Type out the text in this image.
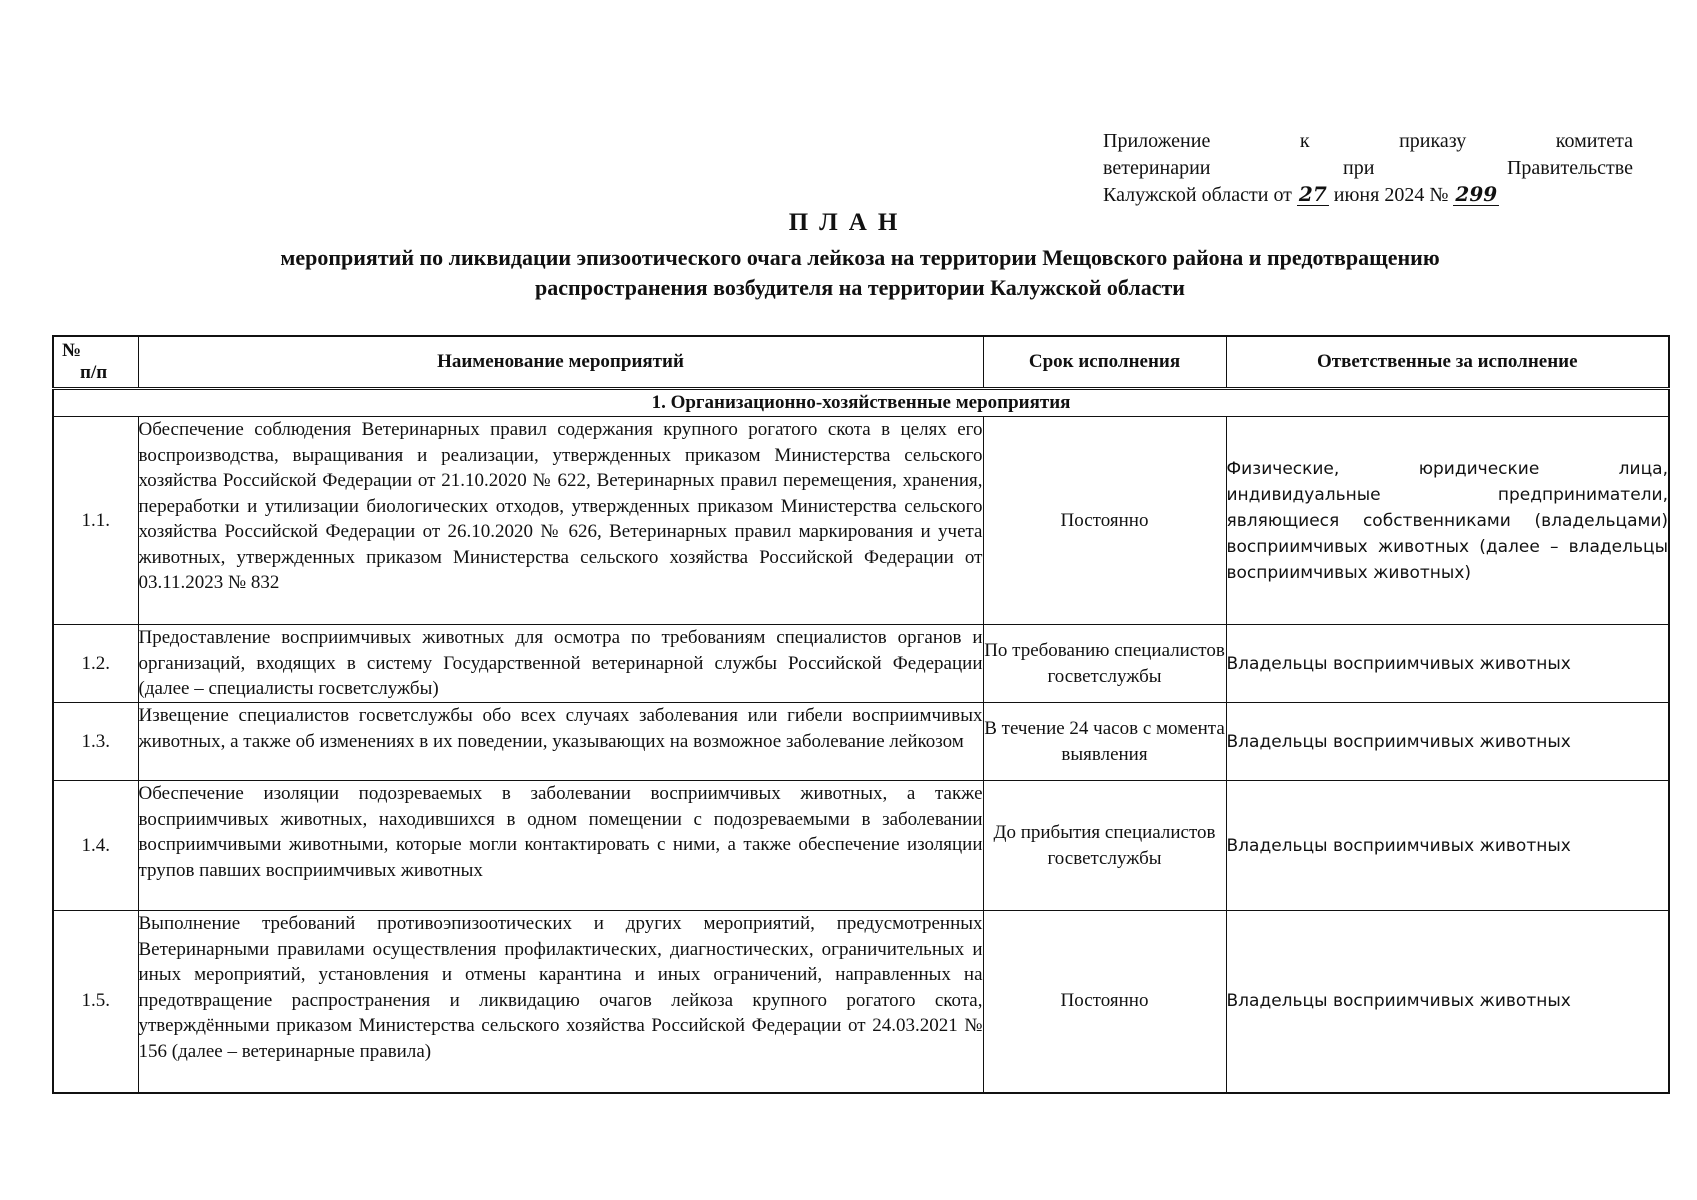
Приложение	к	приказу	комитета
ветеринарии	при	Правительстве
Калужской области от 27 июня 2024 № 299
ПЛАН
мероприятий по ликвидации эпизоотического очага лейкоза на территории Мещовского района и предотвращению
распространения возбудителя на территории Калужской области
№
п/п	Наименование мероприятий	Срок исполнения	Ответственные за исполнение
1. Организационно-хозяйственные мероприятия			
1.1.	Обеспечение соблюдения Ветеринарных правил содержания крупного рогатого скота в целях его воспроизводства, выращивания и реализации, утвержденных приказом Министерства сельского хозяйства Российской Федерации от 21.10.2020 № 622, Ветеринарных правил перемещения, хранения, переработки и утилизации биологических отходов, утвержденных приказом Министерства сельского хозяйства Российской Федерации от 26.10.2020 № 626, Ветеринарных правил маркирования и учета животных, утвержденных приказом Министерства сельского хозяйства Российской Федерации от 03.11.2023 № 832	Постоянно	Физические, юридические лица, индивидуальные предприниматели, являющиеся собственниками (владельцами) восприимчивых животных (далее – владельцы восприимчивых животных)
1.2.	Предоставление восприимчивых животных для осмотра по требованиям специалистов органов и организаций, входящих в систему Государственной ветеринарной службы Российской Федерации (далее – специалисты госветслужбы)	По требованию специалистов госветслужбы	Владельцы восприимчивых животных
1.3.	Извещение специалистов госветслужбы обо всех случаях заболевания или гибели восприимчивых животных, а также об изменениях в их поведении, указывающих на возможное заболевание лейкозом	В течение 24 часов с момента выявления	Владельцы восприимчивых животных
1.4.	Обеспечение изоляции подозреваемых в заболевании восприимчивых животных, а также восприимчивых животных, находившихся в одном помещении с подозреваемыми в заболевании восприимчивыми животными, которые могли контактировать с ними, а также обеспечение изоляции трупов павших восприимчивых животных	До прибытия специалистов госветслужбы	Владельцы восприимчивых животных
1.5.	Выполнение требований противоэпизоотических и других мероприятий, предусмотренных Ветеринарными правилами осуществления профилактических, диагностических, ограничительных и иных мероприятий, установления и отмены карантина и иных ограничений, направленных на предотвращение распространения и ликвидацию очагов лейкоза крупного рогатого скота, утверждёнными приказом Министерства сельского хозяйства Российской Федерации от 24.03.2021 № 156 (далее – ветеринарные правила)	Постоянно	Владельцы восприимчивых животных
